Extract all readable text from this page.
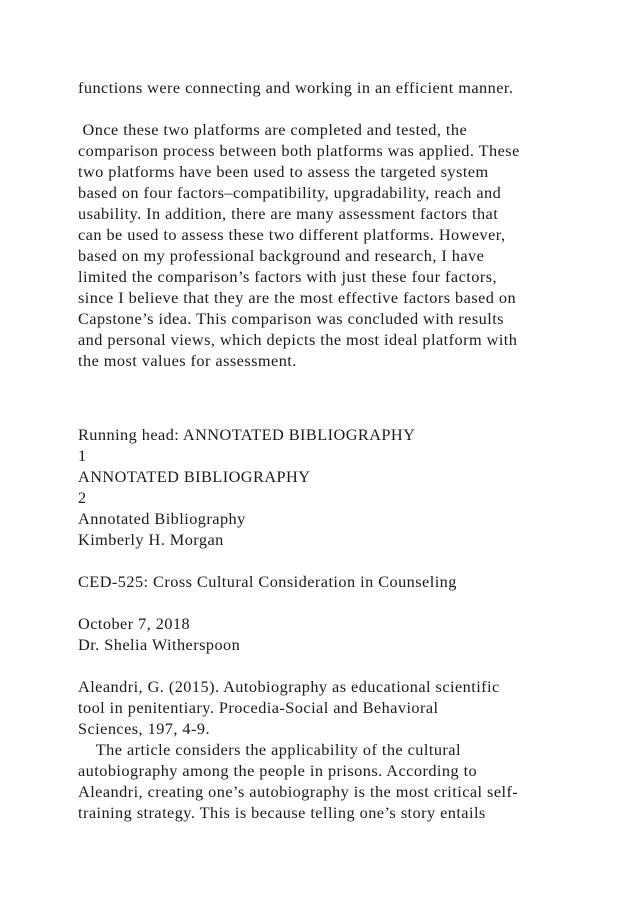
functions were connecting and working in an efficient manner.
Once these two platforms are completed and tested, the
comparison process between both platforms was applied. These
two platforms have been used to assess the targeted system
based on four factors–compatibility, upgradability, reach and
usability. In addition, there are many assessment factors that
can be used to assess these two different platforms. However,
based on my professional background and research, I have
limited the comparison’s factors with just these four factors,
since I believe that they are the most effective factors based on
Capstone’s idea. This comparison was concluded with results
and personal views, which depicts the most ideal platform with
the most values for assessment.
Running head: ANNOTATED BIBLIOGRAPHY
1
ANNOTATED BIBLIOGRAPHY
2
Annotated Bibliography
Kimberly H. Morgan
CED-525: Cross Cultural Consideration in Counseling
October 7, 2018
Dr. Shelia Witherspoon
Aleandri, G. (2015). Autobiography as educational scientific
tool in penitentiary. Procedia-Social and Behavioral
Sciences, 197, 4-9.
The article considers the applicability of the cultural
autobiography among the people in prisons. According to
Aleandri, creating one’s autobiography is the most critical self-
training strategy. This is because telling one’s story entails
